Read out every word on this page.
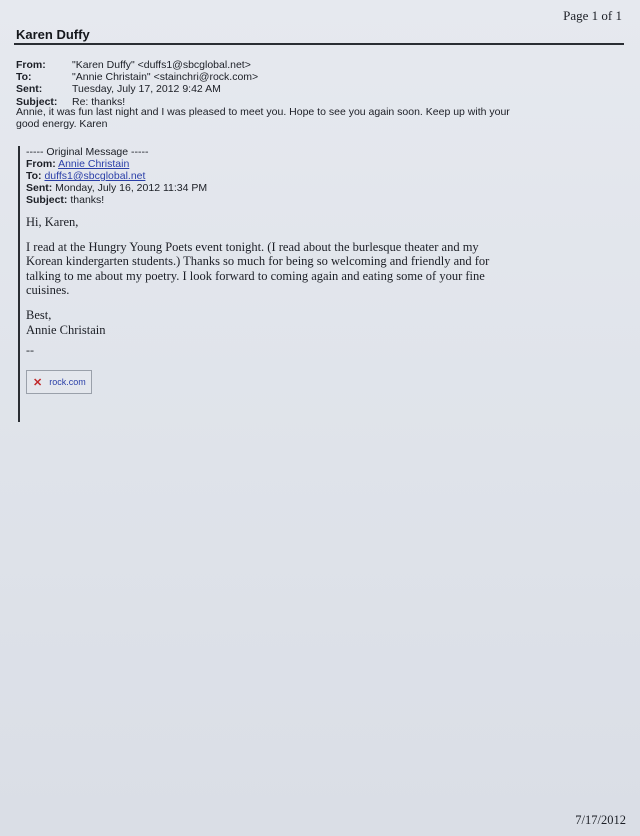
Page 1 of 1
Karen Duffy
From:	"Karen Duffy" <duffs1@sbcglobal.net>
To:	"Annie Christain" <stainchri@rock.com>
Sent:	Tuesday, July 17, 2012 9:42 AM
Subject:	Re: thanks!
Annie, it was fun last night and I was pleased to meet you. Hope to see you again soon. Keep up with your good energy. Karen
----- Original Message -----
From: Annie Christain
To: duffs1@sbcglobal.net
Sent: Monday, July 16, 2012 11:34 PM
Subject: thanks!

Hi, Karen,

I read at the Hungry Young Poets event tonight. (I read about the burlesque theater and my Korean kindergarten students.) Thanks so much for being so welcoming and friendly and for talking to me about my poetry. I look forward to coming again and eating some of your fine cuisines.

Best,
Annie Christain
--
✕ rock.com
7/17/2012
